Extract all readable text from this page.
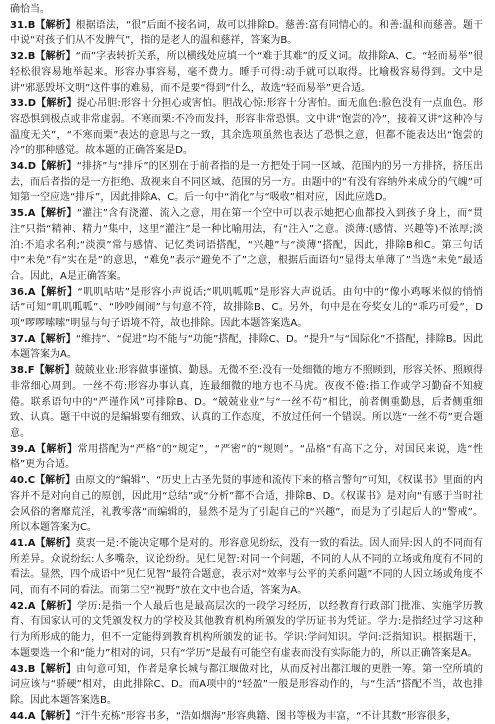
确恰当。

31.B【解析】根据语法，“很”后面不接名词，故可以排除D。慈善:富有同情心的。和善:温和而慈善。题干中说“对孩子们从不发脾气”，指的是老人的温和慈祥，答案为B。

32.B【解析】“而”字表转折关系，所以横线处应填一个“难于其难”的反义词。故排除A、C。“轻而易举”很轻松很容易地举起来。形容办事容易，毫不费力。睡手可得:动手就可以取得。比喻极容易得到。文中是讲“邪恶毁坏文明”这件事的难易，而不是要“得到”什么，故选“轻而易举”更合适。

33.D【解析】提心吊胆:形容十分担心或害怕。胆战心惊:形容十分害怕。面无血色:脸色没有一点血色。形容恐惧到极点或非常虚弱。不寒而栗:不冷而发抖，形容非常恐惧。文中讲“饱尝的冷”，接着又讲“这种冷与温度无关”，“不寒而栗”表达的意思与之一致，其余选项虽然也表达了恐惧之意，但都不能表达出“饱尝的冷”的那种感觉。故本题的正确答案是D。

34.D【解析】“排挤”与“排斥”的区别在于前者指的是一方把处于同一区域、范围内的另一方排挤，挤压出去，而后者指的是一方拒绝、敌视来自不同区域、范围的另一方。由题中的“有没有容纳外来成分的气魄”可知第一空应选“排斥”，因此排除A、C。后一句中“消化”与“吸收”相对应，因此应选D。

35.A【解析】“灌注”含有浇灌、流入之意，用在第一个空中可以表示她把心血都投入到孩子身上，而“贯注”只指“精神、精力”集中，这里“灌注”是一种比喻用法，有“注入”之意。淡薄:(感情、兴趣等)不浓厚;淡泊:不追求名利;“淡漠”常与感情、记忆类词语搭配，“兴趣”与“淡薄”搭配，因此，排除B和C。第三句话中“未免”有“实在是”的意思，“难免”表示“避免不了”之意，根据后面语句“显得太单薄了”当选“未免”最适合。因此，A是正确答案。

36.A【解析】“叽叽咕咕”是形容小声说话;“叽叽呱呱”是形容大声说话。由句中的“像小鸡啄米似的悄悄话”可知“叽叽呱呱”、“吵吵闹闹”与句意不符，故排除B、C。另外，句中是在夸奖女儿的“乖巧可爱”，D项“啰啰嗦嗦”明显与句子语境不符，故也排除。因此本题答案选A。

37.A【解析】“维持”、“促进”均不能与“功能”搭配，排除C、D。“提升”与“国际化”不搭配，排除B。因此本题答案为A。

38.F【解析】兢兢业业:形容做事谨慎、勤恳。无微不至:没有一处细微的地方不照顾到，形容关怀、照顾得非常细心周到。一丝不苟:形容办事认真，连最细微的地方也不马虎。夜夜不倦:指工作或学习勤奋不知疲倦。联系语句中的“严谨作风”可排除B、D。“兢兢业业”与“一丝不苟”相比，前者侧重勤恳，后者侧重细致、认真。题干中说的是编辑要有细致、认真的工作态度，不放过任何一个错误。所以选“一丝不苟”更合题意。

39.A【解析】常用搭配为“严格”的“规定”，“严密”的“规则”。“品格”有高下之分，对国民来说，选“性格”更为合适。

40.C【解析】由原文的“编辑”、“历史上古圣先贤的事迹和流传下来的格言警句”可知，《权谋书》里面的内容并不是对向自己的原创，因此用“总结”或“分析”都不合适，排除B、D。《权谋书》是对向“有感于当时社会风俗的奢靡荒淫，礼教零落”而编辑的，显然不是为了引起自己的“兴趣”，而是为了引起后人的“警戒”。所以本题答案为C。

41.A【解析】莫衷一是:不能决定哪个是对的。形容意见纷纭，没有一致的看法。因人而异:因人的不同而有所差异。众说纷纭:人多嘴杂，议论纷纷。见仁见智:对同一个问题，不同的人从不同的立场或角度有不同的看法。显然，四个成语中“见仁见智”最符合题意，表示对“效率与公平的关系问题”不同的人因立场或角度不同，而有不同的看法。而第二空“视野”放在文中也合适，答案为A。

42.A【解析】学历:是指一个人最后也是最高层次的一段学习经历，以经教育行政部门批准、实施学历教育、有国家认可的文凭颁发权力的学校及其他教育机构所颁发的学历证书为凭证。学力:是指经过学习这种行为所形成的能力，但不一定能得到教育机构所颁发的证书。学识:学问知识。学问:泛指知识。根据题干，本题要选一个和“能力”相对的词，只有“学历”是最有可能空有虚表而没有实际能力的，所以正确答案是A。

43.B【解析】由句意可知，作者是拿长城与都江堰做对比，从而反衬出都江堰的更胜一筹。第一空所填的词应该与“骄硬”相对，由此排除C、D。而A项中的“轻盈”一般是形容动作的，与“生活”搭配不当，故也排除。因此本题答案选B。

44.A【解析】“汗牛充栋”形容书多，“浩如烟海”形容典籍、图书等极为丰富，“不计其数”形容很多，
